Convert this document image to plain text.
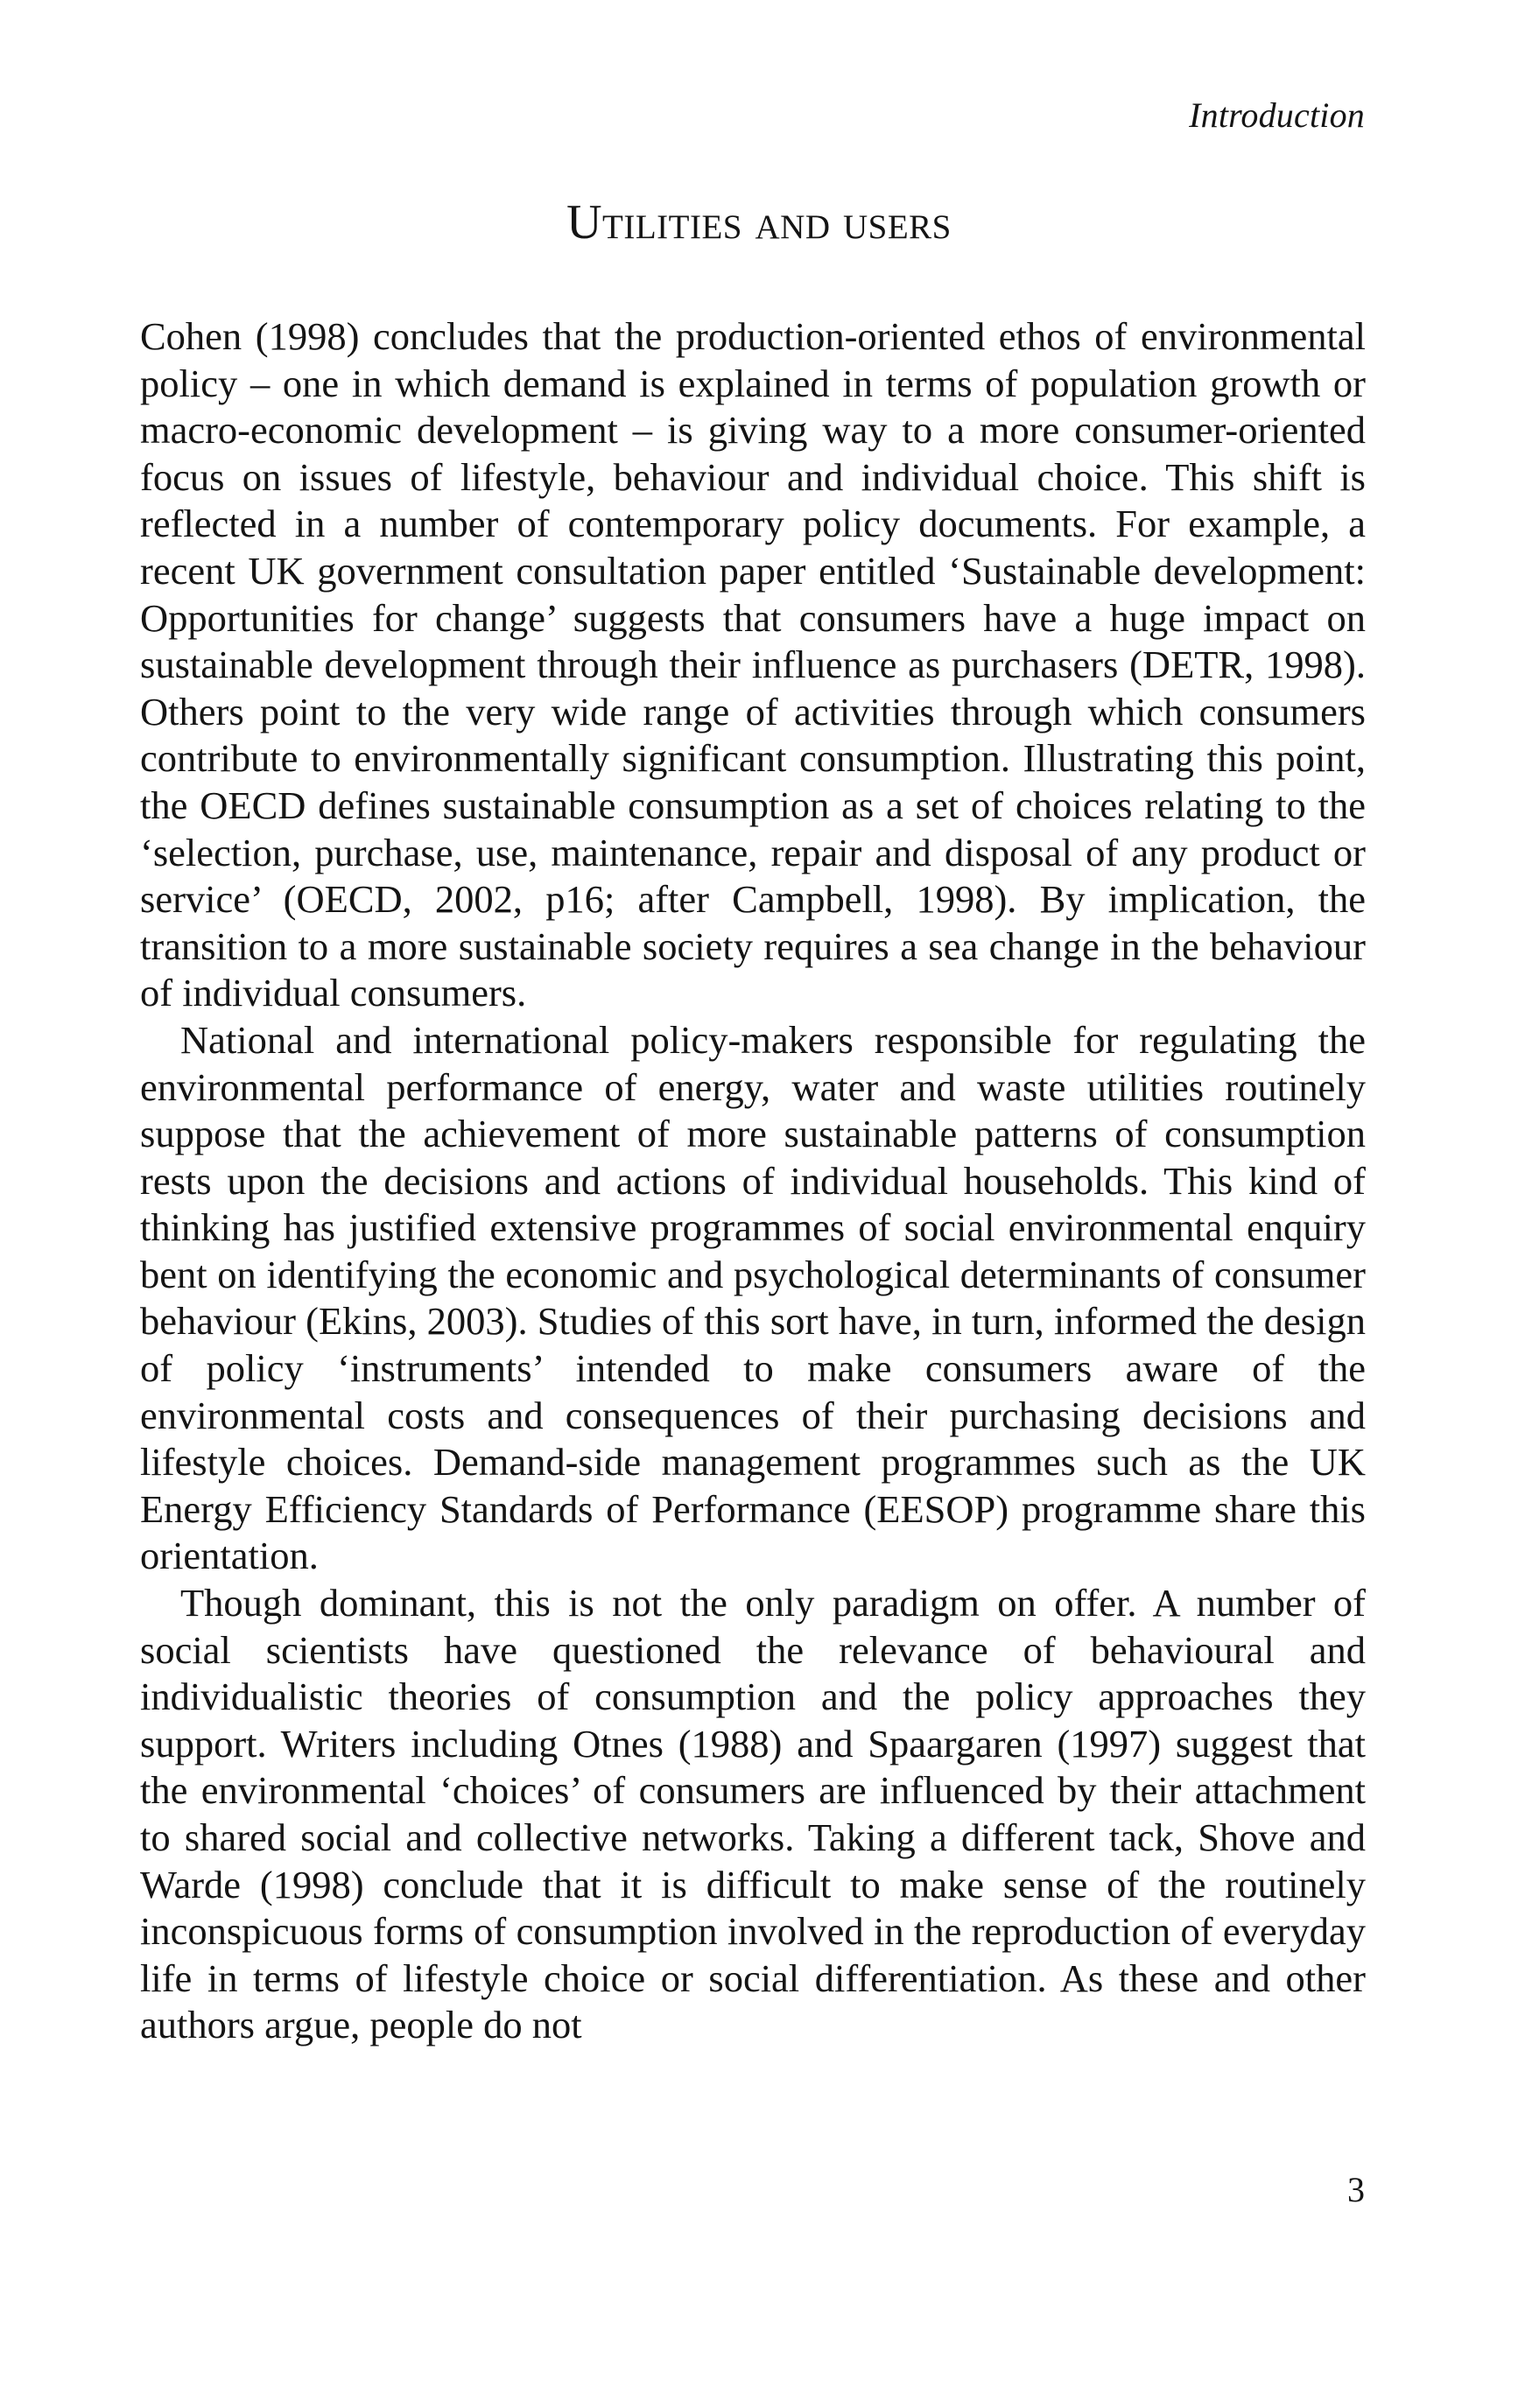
Introduction
Utilities and users

Cohen (1998) concludes that the production-oriented ethos of environmental policy – one in which demand is explained in terms of population growth or macro-economic development – is giving way to a more consumer-oriented focus on issues of lifestyle, behaviour and individual choice. This shift is reflected in a number of contemporary policy documents. For example, a recent UK government consultation paper entitled ‘Sustainable development: Opportunities for change’ suggests that consumers have a huge impact on sustainable development through their influence as purchasers (DETR, 1998). Others point to the very wide range of activities through which consumers contribute to environmentally significant consumption. Illustrating this point, the OECD defines sustainable consumption as a set of choices relating to the ‘selection, purchase, use, maintenance, repair and disposal of any product or service’ (OECD, 2002, p16; after Campbell, 1998). By implication, the transition to a more sustainable society requires a sea change in the behaviour of individual consumers.

National and international policy-makers responsible for regulating the environmental performance of energy, water and waste utilities routinely suppose that the achievement of more sustainable patterns of consumption rests upon the decisions and actions of individual households. This kind of thinking has justified extensive programmes of social environmental enquiry bent on identifying the economic and psychological determinants of consumer behaviour (Ekins, 2003). Studies of this sort have, in turn, informed the design of policy ‘instruments’ intended to make consumers aware of the environmental costs and consequences of their purchasing decisions and lifestyle choices. Demand-side management programmes such as the UK Energy Efficiency Standards of Performance (EESOP) programme share this orientation.

Though dominant, this is not the only paradigm on offer. A number of social scientists have questioned the relevance of behavioural and individualistic theories of consumption and the policy approaches they support. Writers including Otnes (1988) and Spaargaren (1997) suggest that the environmental ‘choices’ of consumers are influenced by their attachment to shared social and collective networks. Taking a different tack, Shove and Warde (1998) conclude that it is difficult to make sense of the routinely inconspicuous forms of consumption involved in the reproduction of everyday life in terms of lifestyle choice or social differentiation. As these and other authors argue, people do not

3
